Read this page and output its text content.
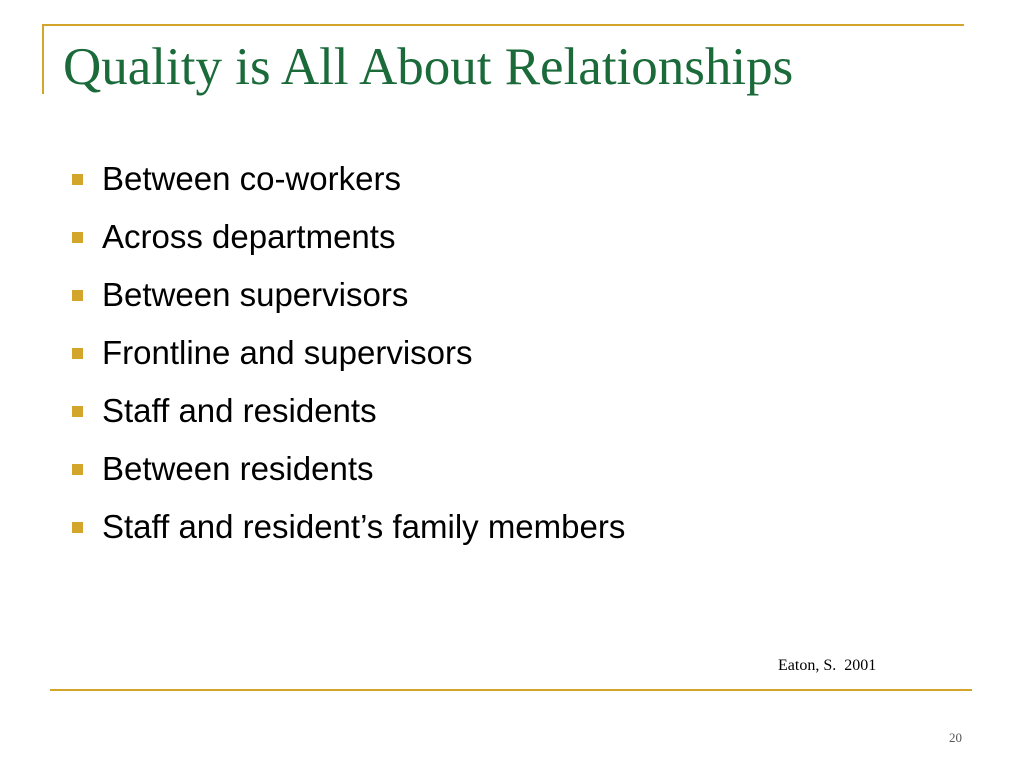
Quality is All About Relationships
Between co-workers
Across departments
Between supervisors
Frontline and supervisors
Staff and residents
Between residents
Staff and resident’s family members
Eaton, S.  2001
20
